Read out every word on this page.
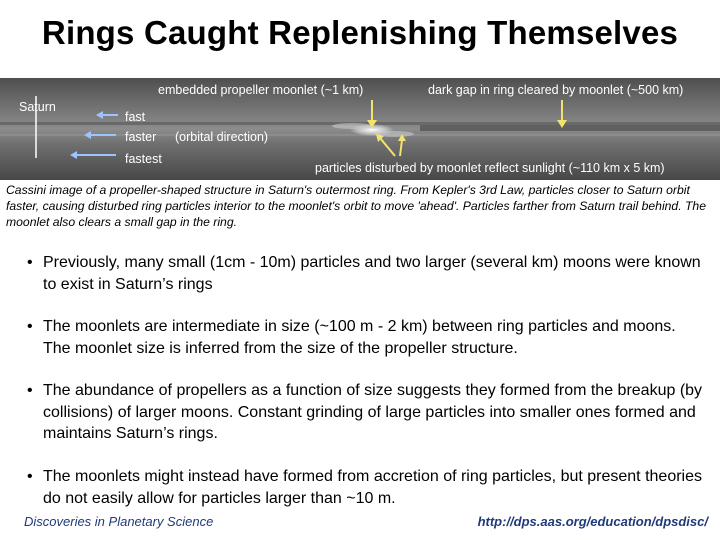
Rings Caught Replenishing Themselves
embedded propeller moonlet (~1 km)	dark gap in ring cleared by moonlet (~500 km)
Saturn
fast
faster (orbital direction)
fastest
particles disturbed by moonlet reflect sunlight (~110 km x 5 km)
Cassini image of a propeller-shaped structure in Saturn's outermost ring. From Kepler's 3rd Law, particles closer to Saturn orbit faster, causing disturbed ring particles interior to the moonlet's orbit to move 'ahead'. Particles farther from Saturn trail behind. The moonlet also clears a small gap in the ring.
• Previously, many small (1cm - 10m) particles and two larger (several km) moons were known to exist in Saturn’s rings
• The moonlets are intermediate in size (~100 m - 2 km) between ring particles and moons. The moonlet size is inferred from the size of the propeller structure.
• The abundance of propellers as a function of size suggests they formed from the breakup (by collisions) of larger moons. Constant grinding of large particles into smaller ones formed and maintains Saturn’s rings.
• The moonlets might instead have formed from accretion of ring particles, but present theories do not easily allow for particles larger than ~10 m.
Discoveries in Planetary Science	http://dps.aas.org/education/dpsdisc/
